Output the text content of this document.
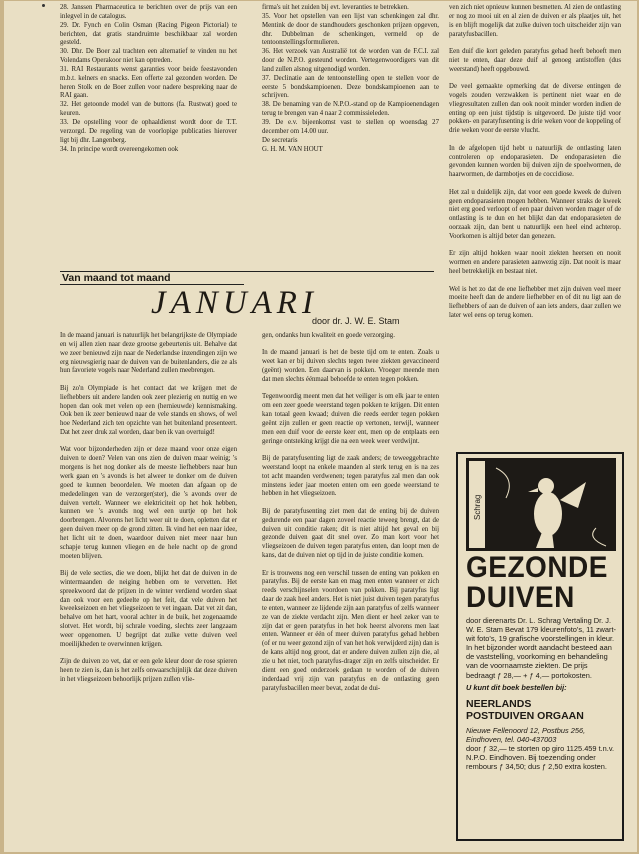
28. Janssen Pharmaceutica te berichten over de prijs van een inlegvel in de catalogus.

29. Dr. Fynch en Colin Osman (Racing Pigeon Pictorial) te berichten, dat gratis standruimte beschikbaar zal worden gesteld.

30. Dhr. De Boer zal trachten een alternatief te vinden nu het Volendams Operakoor niet kan optreden.

31. RAI Restaurants wenst garanties voor beide feestavonden m.b.t. kelners en snacks. Een offerte zal gezonden worden. De heren Stolk en de Boer zullen voor nadere bespreking naar de RAI gaan.

32. Het getoonde model van de buttons (fa. Rustwat) goed te keuren.

33. De opstelling voor de ophaaldienst wordt door de T.T. verzorgd. De regeling van de voorlopige publicaties hierover ligt bij dhr. Langenberg.

34. In principe wordt overeengekomen ook

firma's uit het zuiden bij evt. leveranties te betrekken.

35. Voor het opstellen van een lijst van schenkingen zal dhr. Mentink de door de standhouders geschonken prijzen opgeven, dhr. Dubbelman de schenkingen, vermeld op de tentoonstellingsformulieren.

36. Het verzoek van Australië tot de worden van de F.C.I. zal door de N.P.O. gesteund worden. Vertegenwoordigers van dit land zullen alsnog uitgenodigd worden.

37. Declinatie aan de tentoonstelling open te stellen voor de eerste 5 bondskampioenen. Deze bondskampioenen aan te schrijven.

38. De benaming van de N.P.O.-stand op de Kampioenendagen terug te brengen van 4 naar 2 commissieleden.

39. De e.v. bijeenkomst vast te stellen op woensdag 27 december om 14.00 uur.

De secretaris

G. H. M. VAN HOUT

ven zich niet opnieuw kunnen besmetten. Al zien de ontlasting er nog zo mooi uit en al zien de duiven er als plaatjes uit, het is en blijft mogelijk dat zulke duiven toch uitscheider zijn van paratyfusbacillen.

Een duif die kort geleden paratyfus gehad heeft behoeft men niet te enten, daar deze duif al genoeg antistoffen (dus weerstand) heeft opgebouwd.

De veel gemaakte opmerking dat de diverse entingen de vogels zouden verzwakken is pertinent niet waar en de vliegresultaten zullen dan ook nooit minder worden indien de enting op een juist tijdstip is uitgevoerd. De juiste tijd voor pokken- en paratyfusenting is drie weken voor de koppeling of drie weken voor de eerste vlucht.

In de afgelopen tijd hebt u natuurlijk de ontlasting laten controleren op endoparasieten. De endoparasieten die gevonden kunnen worden bij duiven zijn de spoelwormen, de haarwormen, de darmbotjes en de coccidiose.

Het zal u duidelijk zijn, dat voor een goede kweek de duiven geen endoparasieten mogen hebben. Wanneer straks de kweek niet erg goed verloopt of een paar duiven worden mager of de ontlasting is te dun en het blijkt dan dat endoparasieten de oorzaak zijn, dan bent u natuurlijk een heel eind achterop. Voorkomen is altijd beter dan genezen.

Er zijn altijd hokken waar nooit ziekten heersen en nooit wormen en andere parasieten aanwezig zijn. Dat nooit is maar heel betrekkelijk en bestaat niet.

Wel is het zo dat de ene liefhebber met zijn duiven veel meer moeite heeft dan de andere liefhebber en of dit nu ligt aan de liefhebbers of aan de duiven of aan iets anders, daar zullen we later wel eens op terug komen.

Van maand tot maand
JANUARI
door dr. J. W. E. Stam

In de maand januari is natuurlijk het belangrijkste de Olympiade en wij allen zien naar deze grootse gebeurtenis uit. Behalve dat we zeer benieuwd zijn naar de Nederlandse inzendingen zijn we erg nieuwsgierig naar de duiven van de buitenlanders, die ze als hun favoriete vogels naar Nederland zullen meebrengen.

Bij zo'n Olympiade is het contact dat we krijgen met de liefhebbers uit andere landen ook zeer plezierig en nuttig en we hopen dan ook met velen op een (hernieuwde) kennismaking. Ook ben ik zeer benieuwd naar de vele stands en shows, of wel hoe Nederland zich ten opzichte van het buitenland presenteert. Dat het zeer druk zal worden, daar ben ik van overtuigd!

Wat voor bijzonderheden zijn er deze maand voor onze eigen duiven te doen? Velen van ons zien de duiven maar weinig; 's morgens is het nog donker als de meeste liefhebbers naar hun werk gaan en 's avonds is het alweer te donker om de duiven goed te kunnen beoordelen. We moeten dan afgaan op de mededelingen van de verzorger(ster), die 's avonds over de duiven vertelt. Wanneer we elektriciteit op het hok hebben, kunnen we 's avonds nog wel een uurtje op het hok doorbrengen. Alvorens het licht weer uit te doen, opletten dat er geen duiven meer op de grond zitten. Ik vind het een naar idee, het licht uit te doen, waardoor duiven niet meer naar hun schapje terug kunnen vliegen en de hele nacht op de grond moeten blijven.

Bij de vele secties, die we doen, blijkt het dat de duiven in de wintermaanden de neiging hebben om te vervetten. Het spreekwoord dat de prijzen in de winter verdiend worden slaat dan ook voor een gedeelte op het feit, dat vele duiven het kweekseizoen en het vliegseizoen te vet ingaan. Dat vet zit dan, behalve om het hart, vooral achter in de buik, het zogenaamde slotvet. Het wordt, bij schrale voeding, slechts zeer langzaam weer opgenomen. U begrijpt dat zulke vette duiven veel moeilijkheden te overwinnen krijgen.

Zijn de duiven zo vet, dat er een gele kleur door de rose spieren heen te zien is, dan is het zelfs onwaarschijnlijk dat deze duiven in het vliegseizoen behoorlijk prijzen zullen vlie-

gen, ondanks hun kwaliteit en goede verzorging.

In de maand januari is het de beste tijd om te enten. Zoals u weet kan er bij duiven slechts tegen twee ziekten gevaccineerd (geënt) worden. Een daarvan is pokken. Vroeger meende men dat men slechts éénmaal behoefde te enten tegen pokken.

Tegenwoordig meent men dat het veiliger is om elk jaar te enten om een zeer goede weerstand tegen pokken te krijgen. Dit enten kan totaal geen kwaad; duiven die reeds eerder tegen pokken geënt zijn zullen er geen reactie op vertonen, terwijl, wanneer men een duif voor de eerste keer ent, men op de entplaats een geringe ontsteking krijgt die na een week weer verdwijnt.

Bij de paratyfusenting ligt de zaak anders; de teweeggebrachte weerstand loopt na enkele maanden al sterk terug en is na zes tot acht maanden verdwenen; tegen paratyfus zal men dan ook minstens ieder jaar moeten enten om een goede weerstand te hebben in het vliegseizoen.

Bij de paratyfusenting ziet men dat de enting bij de duiven gedurende een paar dagen zoveel reactie teweeg brengt, dat de duiven uit conditie raken; dit is niet altijd het geval en bij gezonde duiven gaat dit snel over. Zo man kort voor het vliegseizoen de duiven tegen paratyfus enten, dan loopt men de kans, dat de duiven niet op tijd in de juiste conditie komen.

Er is trouwens nog een verschil tussen de enting van pokken en paratyfus. Bij de eerste kan en mag men enten wanneer er zich reeds verschijnselen voordoen van pokken. Bij paratyfus ligt daar de zaak heel anders. Het is niet juist duiven tegen paratyfus te enten, wanneer ze lijdende zijn aan paratyfus of zelfs wanneer ze van de ziekte verdacht zijn. Men dient er heel zeker van te zijn dat er geen paratyfus in het hok heerst alvorens men laat enten. Wanneer er één of meer duiven paratyfus gehad hebben (of er nu weer gezond zijn of van het hok verwijderd zijn) dan is de kans altijd nog groot, dat er andere duiven zullen zijn die, al zie u het niet, toch paratyfus-drager zijn en zelfs uitscheider. Er dient een goed onderzoek gedaan te worden of de duiven inderdaad vrij zijn van paratyfus en de ontlasting geen paratyfusbacillen meer bevat, zodat de dui-

Schrag
GEZONDE
DUIVEN

door dierenarts Dr. L. Schrag Vertaling Dr. J. W. E. Stam Bevat 179 kleurenfoto's, 11 zwart-wit foto's, 19 grafische voorstellingen in kleur. In het bijzonder wordt aandacht besteed aan de vaststelling, voorkoming en behandeling van de voornaamste ziekten. De prijs bedraagt ƒ 28,— + ƒ 4,— portokosten.

U kunt dit boek bestellen bij:

NEERLANDS
POSTDUIVEN ORGAAN

Nieuwe Fellenoord 12, Postbus 256, Eindhoven, tel. 040-437003

door ƒ 32,— te storten op giro 1125.459 t.n.v. N.P.O. Eindhoven. Bij toezending onder rembours ƒ 34,50; dus ƒ 2,50 extra kosten.
